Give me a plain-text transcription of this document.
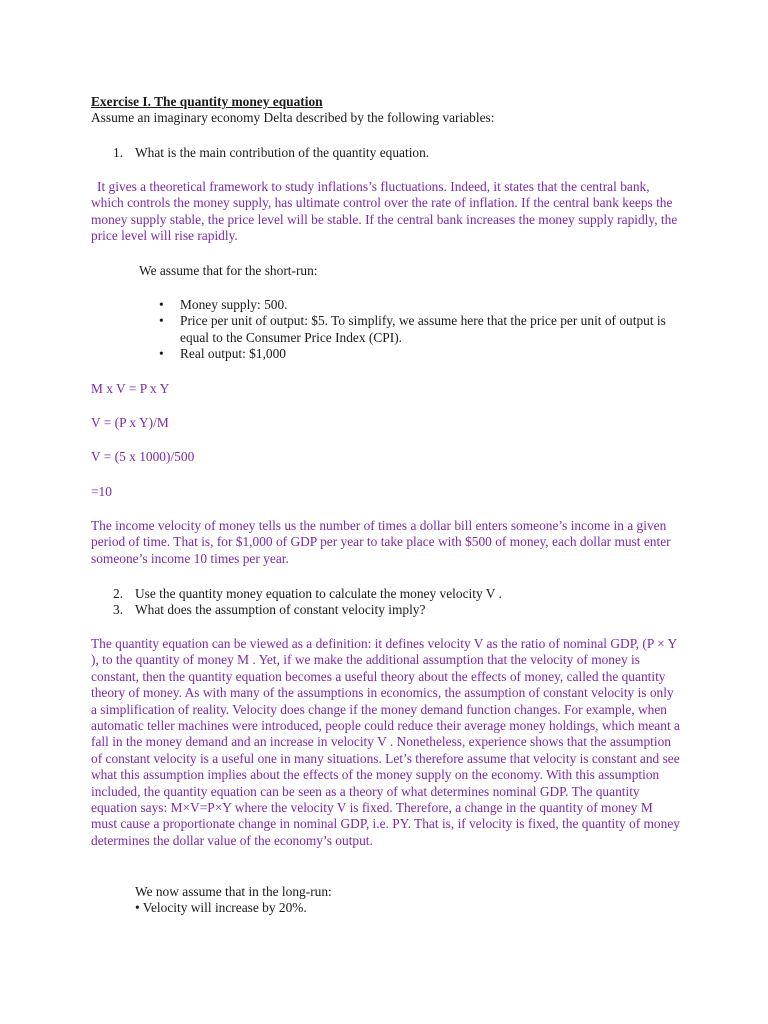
Exercise I. The quantity money equation
Assume an imaginary economy Delta described by the following variables:
1. What is the main contribution of the quantity equation.
It gives a theoretical framework to study inflations’s fluctuations. Indeed, it states that the central bank, which controls the money supply, has ultimate control over the rate of inflation. If the central bank keeps the money supply stable, the price level will be stable. If the central bank increases the money supply rapidly, the price level will rise rapidly.
We assume that for the short-run:
• Money supply: 500.
• Price per unit of output: $5. To simplify, we assume here that the price per unit of output is equal to the Consumer Price Index (CPI).
• Real output: $1,000
M x V = P x Y
V = (P x Y)/M
V = (5 x 1000)/500
=10
The income velocity of money tells us the number of times a dollar bill enters someone’s income in a given period of time. That is, for $1,000 of GDP per year to take place with $500 of money, each dollar must enter someone’s income 10 times per year.
2. Use the quantity money equation to calculate the money velocity V .
3. What does the assumption of constant velocity imply?
The quantity equation can be viewed as a definition: it defines velocity V as the ratio of nominal GDP, (P × Y ), to the quantity of money M . Yet, if we make the additional assumption that the velocity of money is constant, then the quantity equation becomes a useful theory about the effects of money, called the quantity theory of money. As with many of the assumptions in economics, the assumption of constant velocity is only a simplification of reality. Velocity does change if the money demand function changes. For example, when automatic teller machines were introduced, people could reduce their average money holdings, which meant a fall in the money demand and an increase in velocity V . Nonetheless, experience shows that the assumption of constant velocity is a useful one in many situations. Let’s therefore assume that velocity is constant and see what this assumption implies about the effects of the money supply on the economy. With this assumption included, the quantity equation can be seen as a theory of what determines nominal GDP. The quantity equation says: M×V=P×Y where the velocity V is fixed. Therefore, a change in the quantity of money M must cause a proportionate change in nominal GDP, i.e. PY. That is, if velocity is fixed, the quantity of money determines the dollar value of the economy’s output.
We now assume that in the long-run:
• Velocity will increase by 20%.
